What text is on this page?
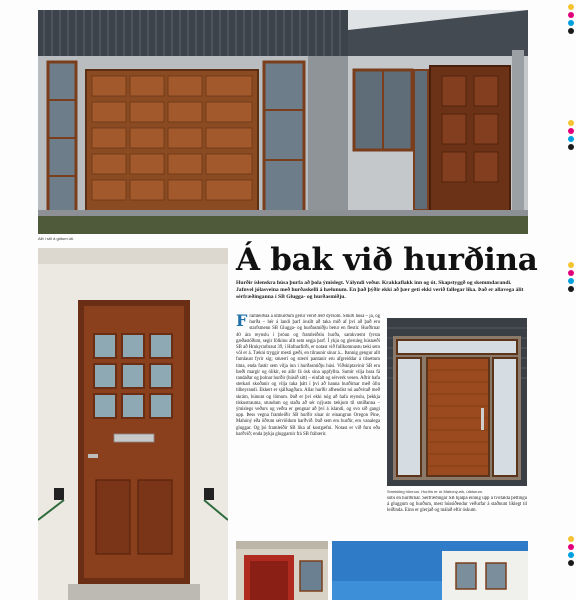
Allt í stíl á götum úti.
Á bak við hurðina
Hurðir íslenskra húsa þurfa að þola ýmislegt. Vályndi veður. Krakkaflakk inn og út. Skapstyggð og skemmdarandi. Jafnvel jólasveina með hurðaskelli á hælunum. En það þýðir ekki að þær geti ekki verið fallegar líka. Það er allavega álit sérfræðinganna í SB Glugga- og hurðasmiðju.
Framleiðsla a útihurðum gerur verið ærð dyrsom. Smíði húsa – já, og hurða – hér á landi þarf ávallt að taka mið af því að það eru starfsmenn SB Glugga- og hurðasmiðju betur en flestir. Hurðirnar 40 ára reynslu í þróun og framleiðslu hurða, samkvæmt fyrsta gæðastöðum, segir fólkinu allt sem segja þarf. Í ykju og gleruleg húsnæði SB að Hrukyrarbraut 39, í Hafnarfirði, er notast við fullkomnustu tæki sem völ er á. Tækni tryggir mesti gæði, en tilraunir sínar á... Þannig gengur allt fumlaust fyrir sig; smærri og stærri pantanir eru afgreiddar á tilsettum tíma, enda fastir sem vilja inn í hurðasmiðju húsi. Viðskiptavinir SB eru bæði margir og ólíkir, en allir fá ósk sína uppfyllta. Sumir vilja bara fá randaðar og þolnar hurðir (húsið sitt) – einfalt og sérverk vesen. Aðrir hafa sterkari skoðanir og vilja taka þátt í því að hanna hurðirnar með öllu tilheyrandi. Ekkert er sjálfsagðara. Allar hurðir afhendist nú auðvitað með skrám, húnum og lömum. Það er því ekki nóg að hafa reynslu, þekkja tískustrauma, stundum og staða að sér nýjustu tækjum til smíðanna – ýmislegs veðurs og veðra er gengnar að því á íslandi, og svo síð gangi upp. Þess vegna framleiðir SB hurðir sínar úr einangrun Oregon Pine, Mahóný eða öðrum sérvöldum harðvið. Það sem eru hurðir, eru vanalega gluggar. Og þó framleiðir SB líka af kostgæfni. Notast er við furu eða harðvið; enda þykja gluggarnir frá SB frábærir.
Smekkleg hönnun. Hurðin er úr Mahóný-eik, útidurum.
sóbi en hurðirnar. Sérfræðingar SB hjálpa einnig upp á tvöfalda þéttingu á gluggum og hurðum, mest hússiðendur veðurfar á staðnum líklegt til leiðinda. Einn er glerjað og málað eftir óskum.
